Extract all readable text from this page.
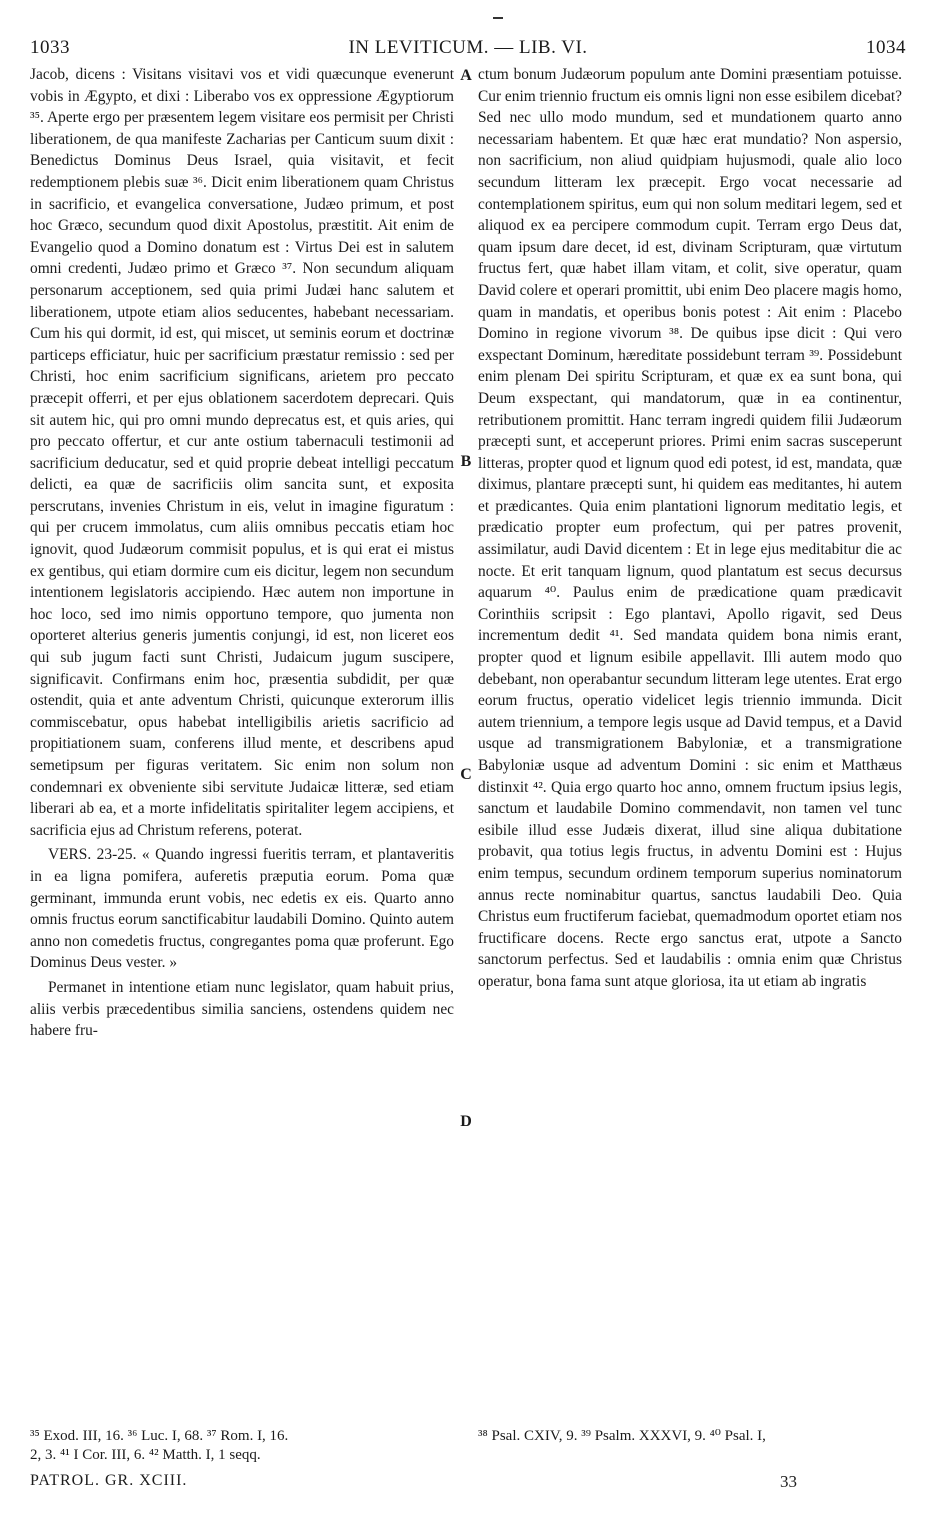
1033	IN LEVITICUM. — LIB. VI.	1034

Jacob, dicens : Visitans visitavi vos et vidi quæcunque evenerunt vobis in Ægypto, et dixi : Liberabo vos ex oppressione Ægyptiorum ³⁵. Aperte ergo per præsentem legem visitare eos permisit per Christi liberationem, de qua manifeste Zacharias per Canticum suum dixit : Benedictus Dominus Deus Israel, quia visitavit, et fecit redemptionem plebis suæ ³⁶. Dicit enim liberationem quam Christus in sacrificio, et evangelica conversatione, Judæo primum, et post hoc Græco, secundum quod dixit Apostolus, præstitit. Ait enim de Evangelio quod a Domino donatum est : Virtus Dei est in salutem omni credenti, Judæo primo et Græco ³⁷. Non secundum aliquam personarum acceptionem, sed quia primi Judæi hanc salutem et liberationem, utpote etiam alios seducentes, habebant necessariam. Cum his qui dormit, id est, qui miscet, ut seminis eorum et doctrinæ particeps efficiatur, huic per sacrificium præstatur remissio : sed per Christi, hoc enim sacrificium significans, arietem pro peccato præcepit offerri, et per ejus oblationem sacerdotem deprecari. Quis sit autem hic, qui pro omni mundo deprecatus est, et quis aries, qui pro peccato offertur, et cur ante ostium tabernaculi testimonii ad sacrificium deducatur, sed et quid proprie debeat intelligi peccatum delicti, ea quæ de sacrificiis olim sancita sunt, et exposita perscrutans, invenies Christum in eis, velut in imagine figuratum : qui per crucem immolatus, cum aliis omnibus peccatis etiam hoc ignovit, quod Judæorum commisit populus, et is qui erat ei mistus ex gentibus, qui etiam dormire cum eis dicitur, legem non secundum intentionem legislatoris accipiendo. Hæc autem non importune in hoc loco, sed imo nimis opportuno tempore, quo jumenta non oporteret alterius generis jumentis conjungi, id est, non liceret eos qui sub jugum facti sunt Christi, Judaicum jugum suscipere, significavit. Confirmans enim hoc, præsentia subdidit, per quæ ostendit, quia et ante adventum Christi, quicunque exterorum illis commiscebatur, opus habebat intelligibilis arietis sacrificio ad propitiationem suam, conferens illud mente, et describens apud semetipsum per figuras veritatem. Sic enim non solum non condemnari ex obveniente sibi servitute Judaicæ litteræ, sed etiam liberari ab ea, et a morte infidelitatis spiritaliter legem accipiens, et sacrificia ejus ad Christum referens, poterat.

VERS. 23-25. « Quando ingressi fueritis terram, et plantaveritis in ea ligna pomifera, auferetis præputia eorum. Poma quæ germinant, immunda erunt vobis, nec edetis ex eis. Quarto anno omnis fructus eorum sanctificabitur laudabili Domino. Quinto autem anno non comedetis fructus, congregantes poma quæ proferunt. Ego Dominus Deus vester. »

Permanet in intentione etiam nunc legislator, quam habuit prius, aliis verbis præcedentibus similia sanciens, ostendens quidem nec habere fru-

ctum bonum Judæorum populum ante Domini præsentiam potuisse. Cur enim triennio fructum eis omnis ligni non esse esibilem dicebat? Sed nec ullo modo mundum, sed et mundationem quarto anno necessariam habentem. Et quæ hæc erat mundatio? Non aspersio, non sacrificium, non aliud quidpiam hujusmodi, quale alio loco secundum litteram lex præcepit. Ergo vocat necessarie ad contemplationem spiritus, eum qui non solum meditari legem, sed et aliquod ex ea percipere commodum cupit. Terram ergo Deus dat, quam ipsum dare decet, id est, divinam Scripturam, quæ virtutum fructus fert, quæ habet illam vitam, et colit, sive operatur, quam David colere et operari promittit, ubi enim Deo placere magis homo, quam in mandatis, et operibus bonis potest : Ait enim : Placebo Domino in regione vivorum ³⁸. De quibus ipse dicit : Qui vero exspectant Dominum, hæreditate possidebunt terram ³⁹. Possidebunt enim plenam Dei spiritu Scripturam, et quæ ex ea sunt bona, qui Deum exspectant, qui mandatorum, quæ in ea continentur, retributionem promittit. Hanc terram ingredi quidem filii Judæorum præcepti sunt, et acceperunt priores. Primi enim sacras susceperunt litteras, propter quod et lignum quod edi potest, id est, mandata, quæ diximus, plantare præcepti sunt, hi quidem eas meditantes, hi autem et prædicantes. Quia enim plantationi lignorum meditatio legis, et prædicatio propter eum profectum, qui per patres provenit, assimilatur, audi David dicentem : Et in lege ejus meditabitur die ac nocte. Et erit tanquam lignum, quod plantatum est secus decursus aquarum ⁴⁰. Paulus enim de prædicatione quam prædicavit Corinthiis scripsit : Ego plantavi, Apollo rigavit, sed Deus incrementum dedit ⁴¹. Sed mandata quidem bona nimis erant, propter quod et lignum esibile appellavit. Illi autem modo quo debebant, non operabantur secundum litteram lege utentes. Erat ergo eorum fructus, operatio videlicet legis triennio immunda. Dicit autem triennium, a tempore legis usque ad David tempus, et a David usque ad transmigrationem Babyloniæ, et a transmigratione Babyloniæ usque ad adventum Domini : sic enim et Matthæus distinxit ⁴². Quia ergo quarto hoc anno, omnem fructum ipsius legis, sanctum et laudabile Domino commendavit, non tamen vel tunc esibile illud esse Judæis dixerat, illud sine aliqua dubitatione probavit, qua totius legis fructus, in adventu Domini est : Hujus enim tempus, secundum ordinem temporum superius nominatorum annus recte nominabitur quartus, sanctus laudabili Deo. Quia Christus eum fructiferum faciebat, quemadmodum oportet etiam nos fructificare docens. Recte ergo sanctus erat, utpote a Sancto sanctorum perfectus. Sed et laudabilis : omnia enim quæ Christus operatur, bona fama sunt atque gloriosa, ita ut etiam ab ingratis

A
B
C
D
³⁵ Exod. III, 16. ³⁶ Luc. I, 68. ³⁷ Rom. I, 16.
2, 3. ⁴¹ I Cor. III, 6. ⁴² Matth. I, 1 seqq.
³⁸ Psal. CXIV, 9. ³⁹ Psalm. XXXVI, 9. ⁴⁰ Psal. I,
PATROL. GR. XCIII.	33
